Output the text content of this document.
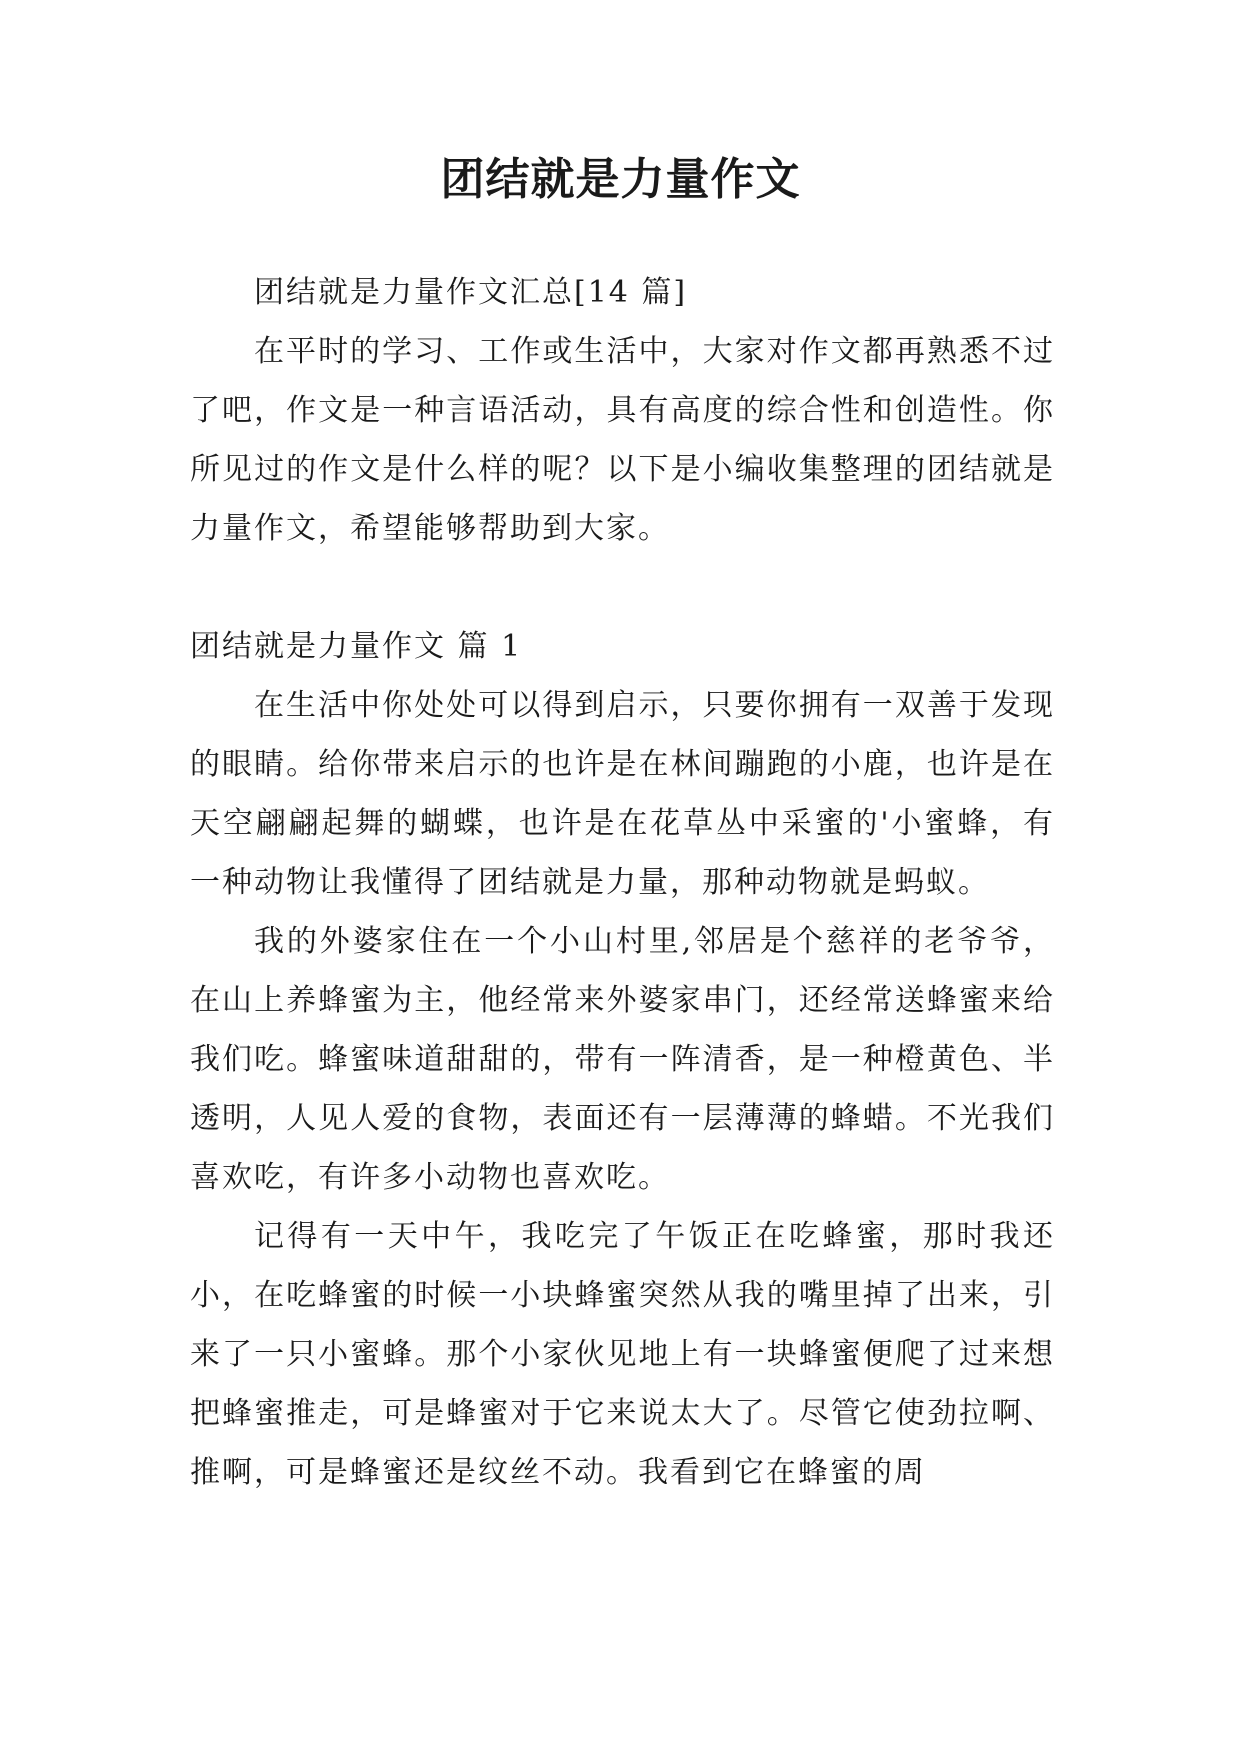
团结就是力量作文

团结就是力量作文汇总[14 篇]

在平时的学习、工作或生活中，大家对作文都再熟悉不过了吧，作文是一种言语活动，具有高度的综合性和创造性。你所见过的作文是什么样的呢？以下是小编收集整理的团结就是力量作文，希望能够帮助到大家。

团结就是力量作文 篇 1

在生活中你处处可以得到启示，只要你拥有一双善于发现的眼睛。给你带来启示的也许是在林间蹦跑的小鹿，也许是在天空翩翩起舞的蝴蝶，也许是在花草丛中采蜜的'小蜜蜂，有一种动物让我懂得了团结就是力量，那种动物就是蚂蚁。

我的外婆家住在一个小山村里,邻居是个慈祥的老爷爷，在山上养蜂蜜为主，他经常来外婆家串门，还经常送蜂蜜来给我们吃。蜂蜜味道甜甜的，带有一阵清香，是一种橙黄色、半透明，人见人爱的食物，表面还有一层薄薄的蜂蜡。不光我们喜欢吃，有许多小动物也喜欢吃。

记得有一天中午，我吃完了午饭正在吃蜂蜜，那时我还小，在吃蜂蜜的时候一小块蜂蜜突然从我的嘴里掉了出来，引来了一只小蜜蜂。那个小家伙见地上有一块蜂蜜便爬了过来想把蜂蜜推走，可是蜂蜜对于它来说太大了。尽管它使劲拉啊、推啊，可是蜂蜜还是纹丝不动。我看到它在蜂蜜的周
